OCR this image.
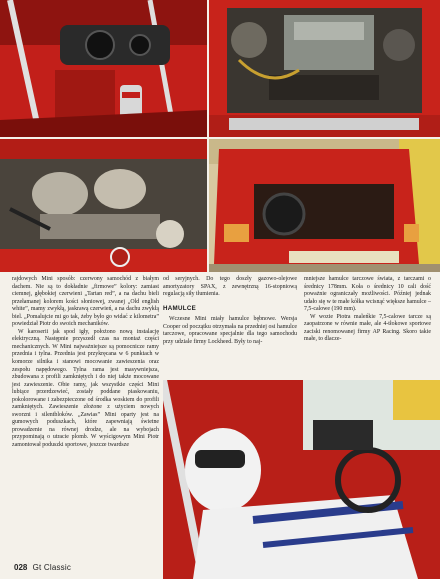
rajdowych Mini sposób: czerwony samochód z białym dachem. Nie są to dokładnie „firmowe” kolory: zamiast ciemnej, głębokiej czerwieni „Tartan red”, a na dachu bieli przełamanej kolorem kości słoniowej, zwanej „Old english white”, mamy zwykłą, jaskrawą czerwień, a na dachu zwykłą biel. „Pomalujcie mi go tak, żeby było go widać z kilometra” powiedział Piotr do swoich mechaników.

W karoserii jak spod igły, położono nową instalację elektryczną. Następnie przyszedł czas na montaż części mechanicznych. W Mini najważniejsze są pomocnicze ramy przednia i tylna. Przednia jest przykręcana w 6 punktach w komorze silnika i stanowi mocowanie zawieszenia oraz zespołu napędowego. Tylna rama jest masywniejsza, zbudowana z profili zamkniętych i do niej także mocowane jest zawieszenie. Obie ramy, jak wszystkie części Mini lubiące przerdzewieć, zostały poddane piaskowaniu, pokolorowane i zabezpieczone od środka woskiem do profili zamkniętych. Zawieszenie złożone z użyciem nowych sworzni i silentbloków. „Zawias” Mini oparty jest na gumowych poduszkach, które zapewniają świetne prowadzenie na równej drodze, ale na wybojach przypominają o utracie plomb. W wyścigowym Mini Piotr zamontował poduszki sportowe, jeszcze twardsze

od seryjnych. Do tego doszły gazowo-olejowe amortyzatory SPAX, z zewnętrzną 16-stopniową regulacją siły tłumienia.

HAMULCE

Wczesne Mini miały hamulce bębnowe. Wersja Cooper od początku otrzymała na przedniej osi hamulce tarczowe, opracowane specjalnie dla tego samochodu przy udziale firmy Lockheed. Były to naj-

mniejsze hamulce tarczowe świata, z tarczami o średnicy 178mm. Koła o średnicy 10 cali dość poważnie ograniczały możliwości. Później jednak udało się w te małe kółka wcisnąć większe hamulce – 7,5-calowe (190 mm).

W wozie Piotra maleńkie 7,5-calowe tarcze są zaopatrzone w równie małe, ale 4-tłokowe sportowe zaciski renomowanej firmy AP Racing. Skoro takie małe, to dlacze-

028 Gt Classic
